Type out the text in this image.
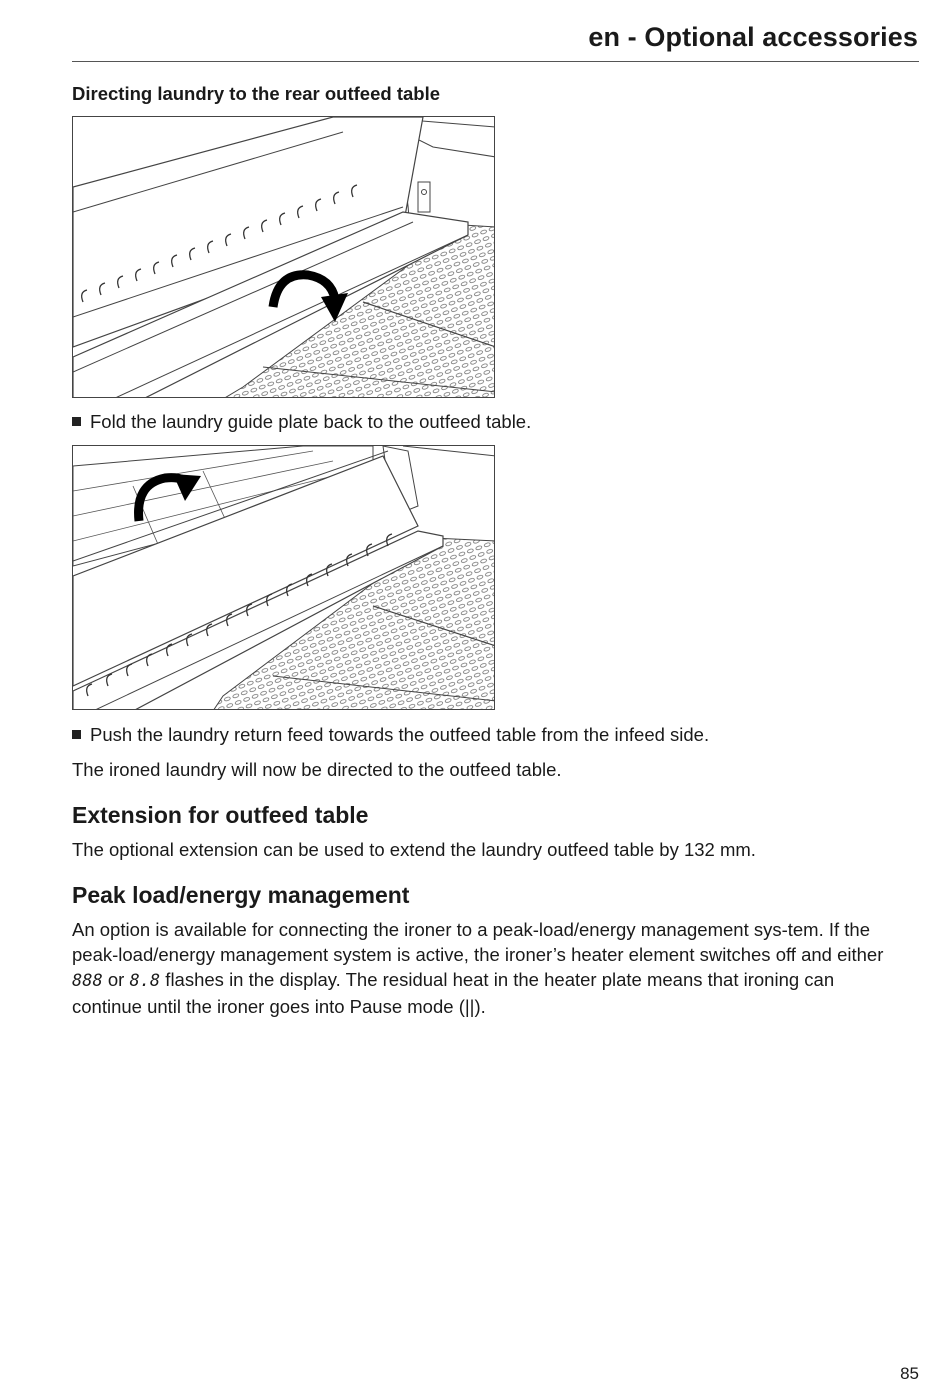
en - Optional accessories
Directing laundry to the rear outfeed table
Fold the laundry guide plate back to the outfeed table.
Push the laundry return feed towards the outfeed table from the infeed side.
The ironed laundry will now be directed to the outfeed table.
Extension for outfeed table
The optional extension can be used to extend the laundry outfeed table by 132 mm.
Peak load/energy management
An option is available for connecting the ironer to a peak-load/energy management sys-tem. If the peak-load/energy management system is active, the ironer’s heater element switches off and either 888 or 8.8 flashes in the display. The residual heat in the heater plate means that ironing can continue until the ironer goes into Pause mode (||).
85
